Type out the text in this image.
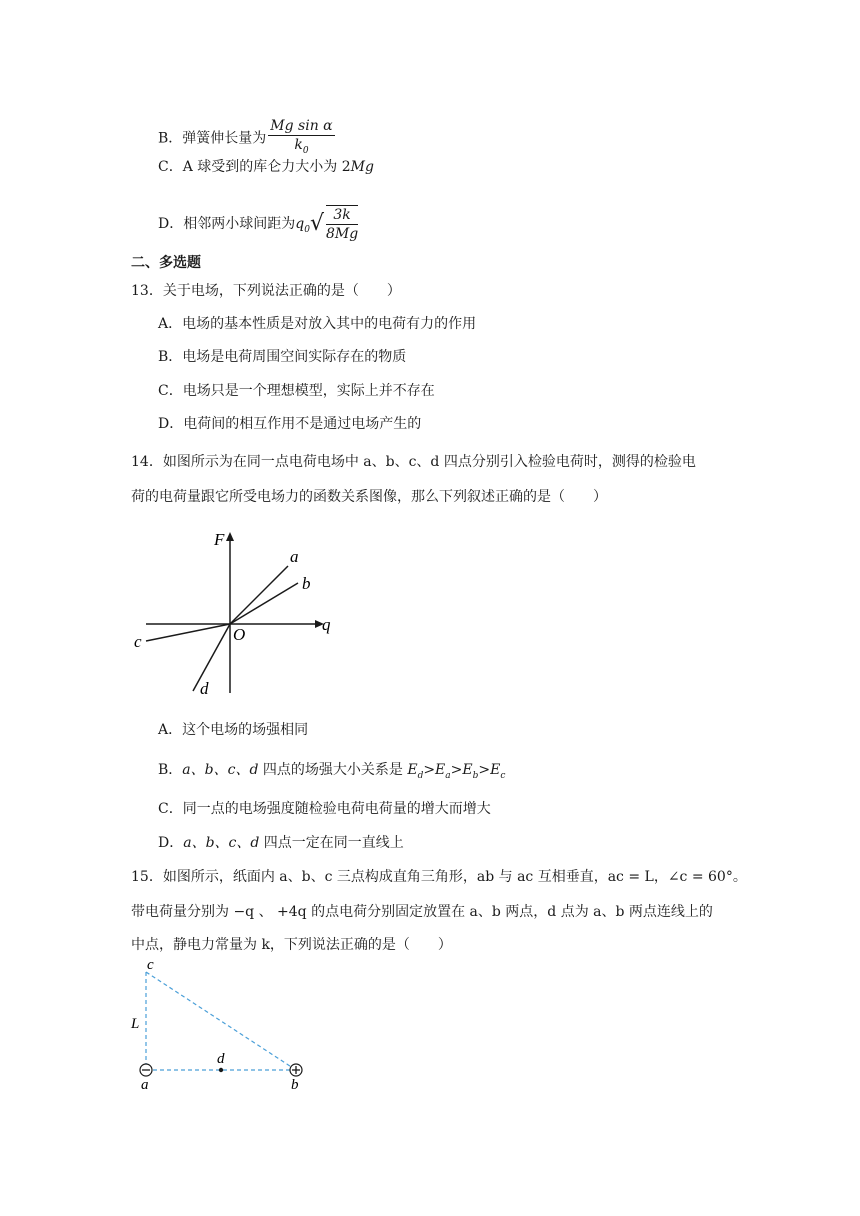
B．弹簧伸长量为 $\frac{\text{Mg sin α}}{k_0}$
C．A 球受到的库仑力大小为 2Mg
D．相邻两小球间距为$q_0√ \frac{3k}{8Mg}$
二、多选题
13．关于电场，下列说法正确的是（　　）
A．电场的基本性质是对放入其中的电荷有力的作用
B．电场是电荷周围空间实际存在的物质
C．电场只是一个理想模型，实际上并不存在
D．电荷间的相互作用不是通过电场产生的
14．如图所示为在同一点电荷电场中 a、b、c、d 四点分别引入检验电荷时，测得的检验电
荷的电荷量跟它所受电场力的函数关系图像，那么下列叙述正确的是（　　）
F
q
O
a
b
c
d
A．这个电场的场强相同
B．a、b、c、d 四点的场强大小关系是 $E_d>E_a>E_b>E_c$
C．同一点的电场强度随检验电荷电荷量的增大而增大
D．a、b、c、d 四点一定在同一直线上
15．如图所示，纸面内 a、b、c 三点构成直角三角形，ab 与 ac 互相垂直，ac = L，∠c = 60°。
带电荷量分别为 −q 、 +4q 的点电荷分别固定放置在 a、b 两点，d 点为 a、b 两点连线上的
中点，静电力常量为 k，下列说法正确的是（　　）
c
L
d
a	b
